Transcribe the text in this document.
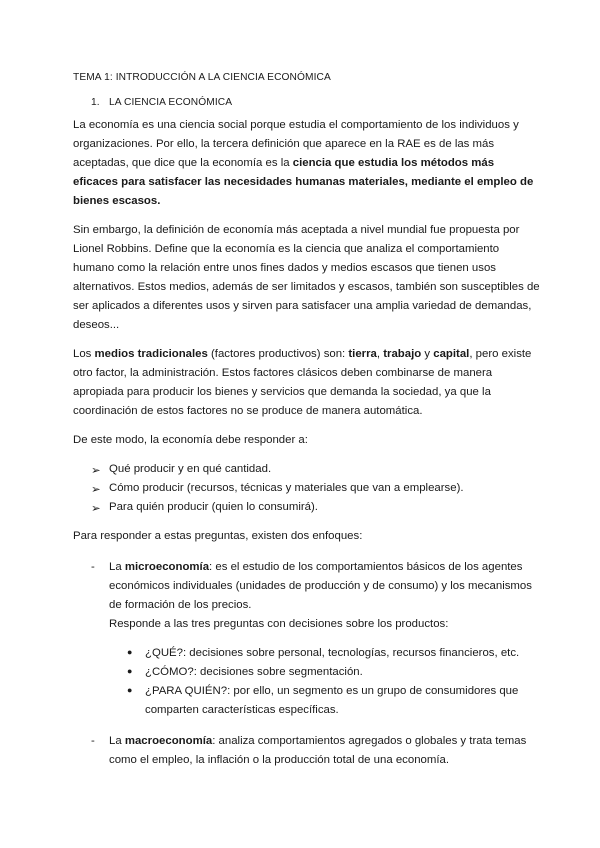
TEMA 1: INTRODUCCIÓN A LA CIENCIA ECONÓMICA
1. LA CIENCIA ECONÓMICA
La economía es una ciencia social porque estudia el comportamiento de los individuos y
organizaciones. Por ello, la tercera definición que aparece en la RAE es de las más
aceptadas, que dice que la economía es la ciencia que estudia los métodos más
eficaces para satisfacer las necesidades humanas materiales, mediante el empleo de
bienes escasos.
Sin embargo, la definición de economía más aceptada a nivel mundial fue propuesta por
Lionel Robbins. Define que la economía es la ciencia que analiza el comportamiento
humano como la relación entre unos fines dados y medios escasos que tienen usos
alternativos. Estos medios, además de ser limitados y escasos, también son susceptibles de
ser aplicados a diferentes usos y sirven para satisfacer una amplia variedad de demandas,
deseos...
Los medios tradicionales (factores productivos) son: tierra, trabajo y capital, pero existe
otro factor, la administración. Estos factores clásicos deben combinarse de manera
apropiada para producir los bienes y servicios que demanda la sociedad, ya que la
coordinación de estos factores no se produce de manera automática.
De este modo, la economía debe responder a:
➢ Qué producir y en qué cantidad.
➢ Cómo producir (recursos, técnicas y materiales que van a emplearse).
➢ Para quién producir (quien lo consumirá).
Para responder a estas preguntas, existen dos enfoques:
- La microeconomía: es el estudio de los comportamientos básicos de los agentes
económicos individuales (unidades de producción y de consumo) y los mecanismos
de formación de los precios.
Responde a las tres preguntas con decisiones sobre los productos:
● ¿QUÉ?: decisiones sobre personal, tecnologías, recursos financieros, etc.
● ¿CÓMO?: decisiones sobre segmentación.
● ¿PARA QUIÉN?: por ello, un segmento es un grupo de consumidores que
comparten características específicas.
- La macroeconomía: analiza comportamientos agregados o globales y trata temas
como el empleo, la inflación o la producción total de una economía.
